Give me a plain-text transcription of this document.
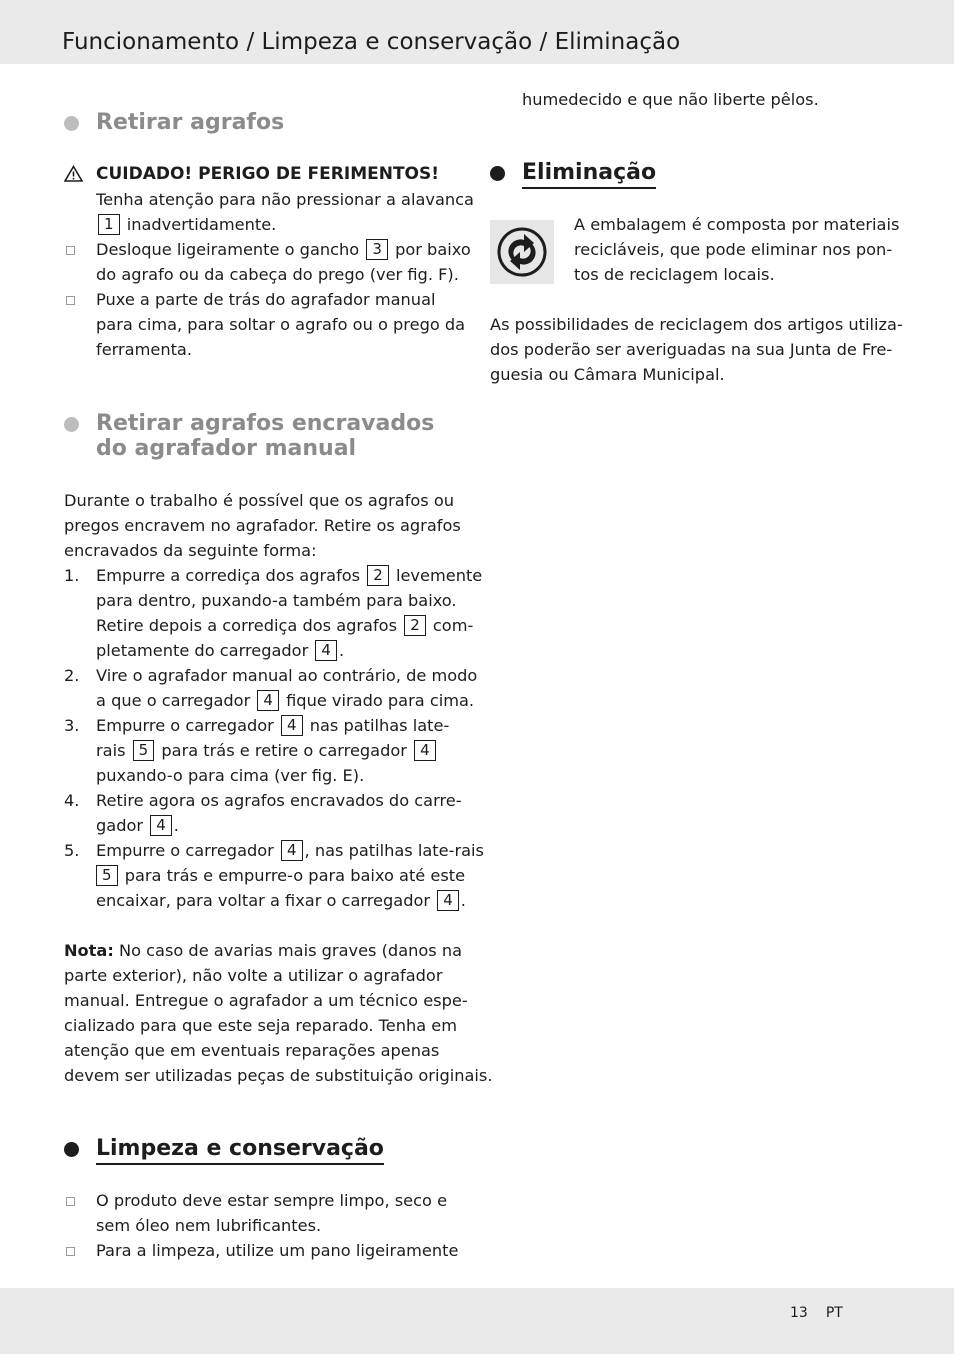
Funcionamento / Limpeza e conservação / Eliminação
Retirar agrafos
CUIDADO! PERIGO DE FERIMENTOS!
Tenha atenção para não pressionar a alavanca
1 inadvertidamente.
Desloque ligeiramente o gancho 3 por baixo
do agrafo ou da cabeça do prego (ver fig. F).
Puxe a parte de trás do agrafador manual
para cima, para soltar o agrafo ou o prego da
ferramenta.
Retirar agrafos encravados
do agrafador manual
Durante o trabalho é possível que os agrafos ou
pregos encravem no agrafador. Retire os agrafos
encravados da seguinte forma:
1. Empurre a corrediça dos agrafos 2 levemente
para dentro, puxando-a também para baixo.
Retire depois a corrediça dos agrafos 2 com-
pletamente do carregador 4 .
2. Vire o agrafador manual ao contrário, de modo
a que o carregador 4 fique virado para cima.
3. Empurre o carregador 4 nas patilhas late-
rais 5 para trás e retire o carregador 4
puxando-o para cima (ver fig. E).
4. Retire agora os agrafos encravados do carre-
gador 4 .
5. Empurre o carregador 4 , nas patilhas late-rais
5 para trás e empurre-o para baixo até este
encaixar, para voltar a fixar o carregador 4 .
Nota: No caso de avarias mais graves (danos na
parte exterior), não volte a utilizar o agrafador
manual. Entregue o agrafador a um técnico espe-
cializado para que este seja reparado. Tenha em
atenção que em eventuais reparações apenas
devem ser utilizadas peças de substituição originais.
Limpeza e conservação
O produto deve estar sempre limpo, seco e
sem óleo nem lubrificantes.
Para a limpeza, utilize um pano ligeiramente
humedecido e que não liberte pêlos.
Eliminação
A embalagem é composta por materiais
recicláveis, que pode eliminar nos pon-
tos de reciclagem locais.
As possibilidades de reciclagem dos artigos utiliza-
dos poderão ser averiguadas na sua Junta de Fre-
guesia ou Câmara Municipal.
13 PT
